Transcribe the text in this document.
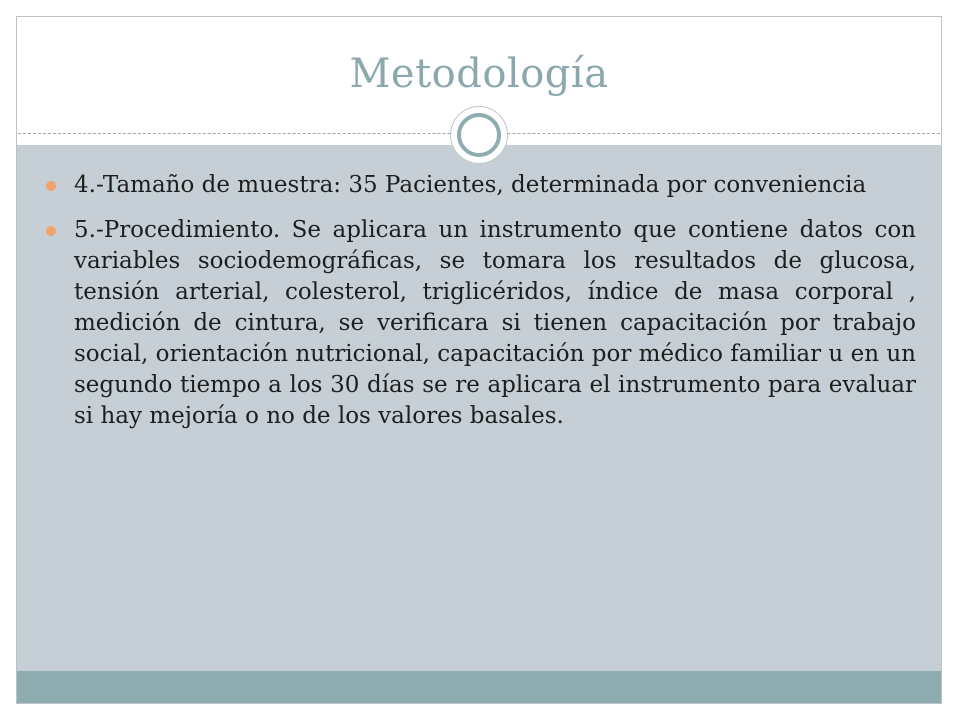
Metodología
4.-Tamaño de muestra: 35 Pacientes, determinada por conveniencia
5.-Procedimiento. Se aplicara un instrumento que contiene datos con variables sociodemográficas, se tomara los resultados de glucosa, tensión arterial, colesterol, triglicéridos, índice de masa corporal , medición de cintura, se verificara si tienen capacitación por trabajo social, orientación nutricional, capacitación por médico familiar u en un segundo tiempo a los 30 días se re aplicara el instrumento para evaluar si hay mejoría o no de los valores basales.
